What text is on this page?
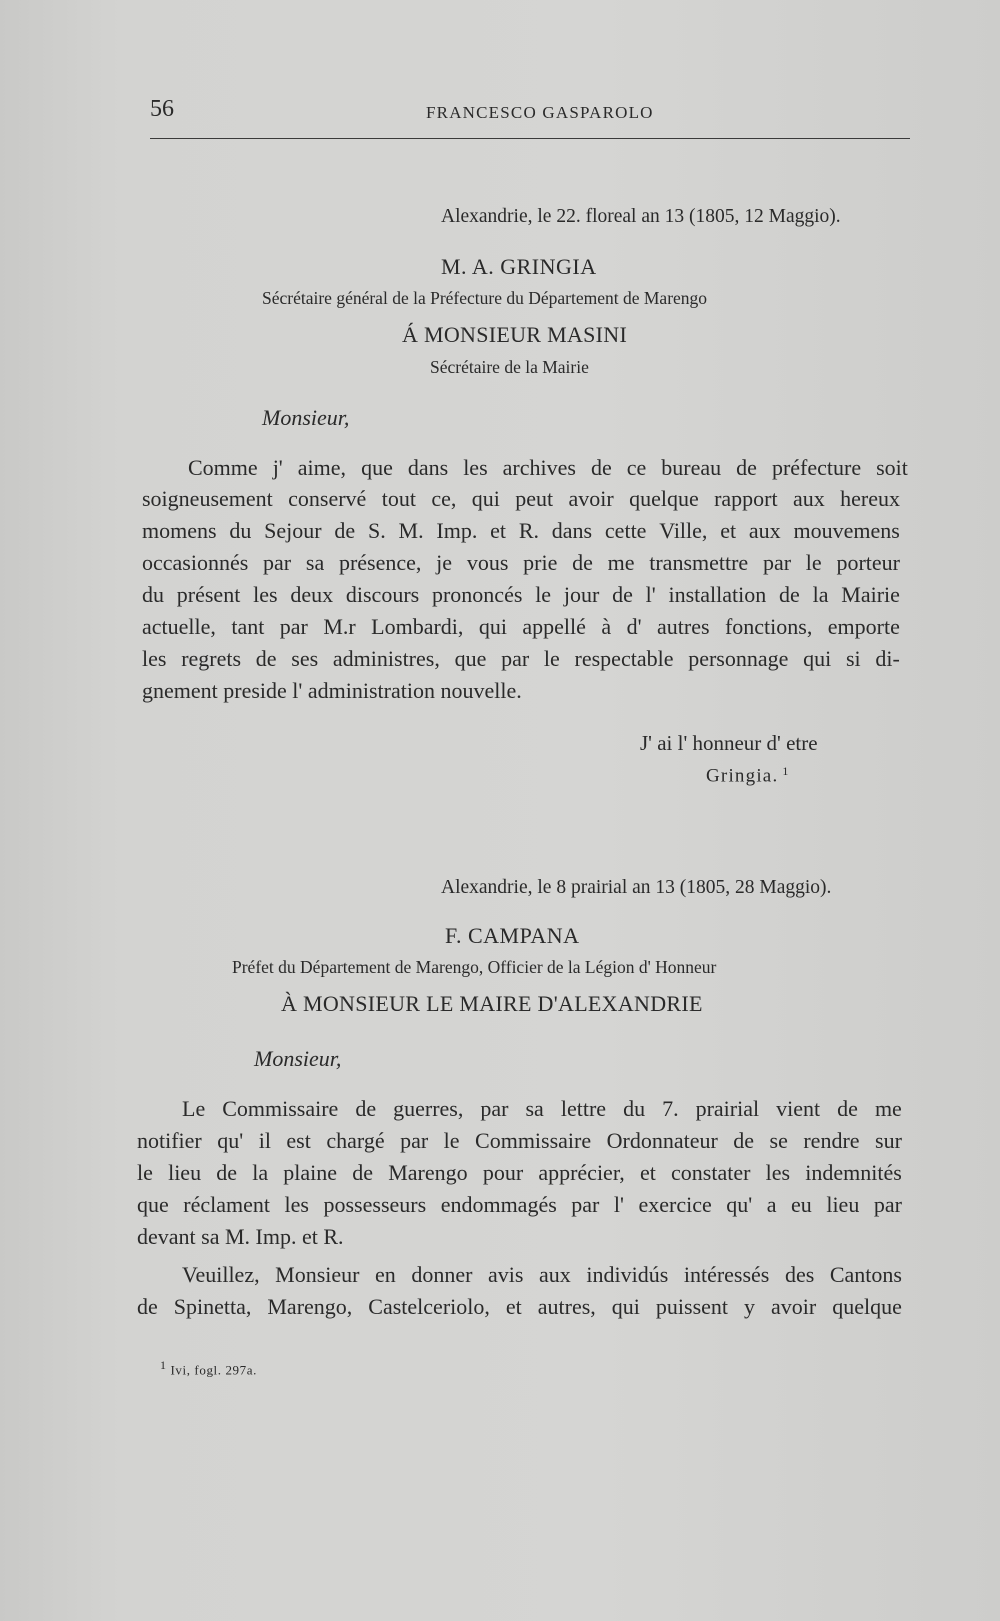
56	FRANCESCO GASPAROLO
Alexandrie, le 22. floreal an 13 (1805, 12 Maggio).
M. A. GRINGIA
Sécrétaire général de la Préfecture du Département de Marengo
Á MONSIEUR MASINI
Sécrétaire de la Mairie
Monsieur,
Comme j' aime, que dans les archives de ce bureau de préfecture soit
soigneusement conservé tout ce, qui peut avoir quelque rapport aux hereux
momens du Sejour de S. M. Imp. et R. dans cette Ville, et aux mouvemens
occasionnés par sa présence, je vous prie de me transmettre par le porteur
du présent les deux discours prononcés le jour de l' installation de la Mairie
actuelle, tant par M.r Lombardi, qui appellé à d' autres fonctions, emporte
les regrets de ses administres, que par le respectable personnage qui si di-
gnement preside l' administration nouvelle.
J' ai l' honneur d' etre
Gringia. $^1$
Alexandrie, le 8 prairial an 13 (1805, 28 Maggio).
F. CAMPANA
Préfet du Département de Marengo, Officier de la Légion d' Honneur
À MONSIEUR LE MAIRE D'ALEXANDRIE
Monsieur,
Le Commissaire de guerres, par sa lettre du 7. prairial vient de me
notifier qu' il est chargé par le Commissaire Ordonnateur de se rendre sur
le lieu de la plaine de Marengo pour apprécier, et constater les indemnités
que réclament les possesseurs endommagés par l' exercice qu' a eu lieu par
devant sa M. Imp. et R.
Veuillez, Monsieur en donner avis aux individús intéressés des Cantons
de Spinetta, Marengo, Castelceriolo, et autres, qui puissent y avoir quelque
1 Ivi, fogl. 297a.
